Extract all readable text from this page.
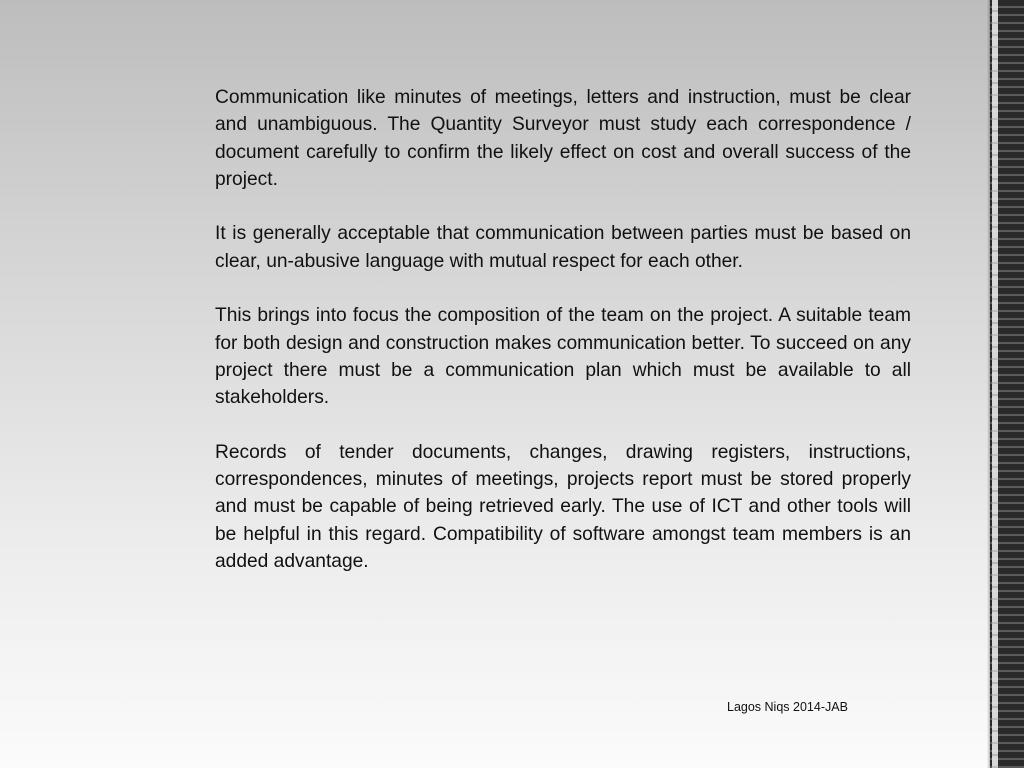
Communication like minutes of meetings, letters and instruction, must be clear and unambiguous. The Quantity Surveyor must study each correspondence / document carefully to confirm the likely effect on cost and overall success of the project.

It is generally acceptable that communication between parties must be based on clear, un-abusive language with mutual respect for each other.

This brings into focus the composition of the team on the project. A suitable team for both design and construction makes communication better. To succeed on any project there must be a communication plan which must be available to all stakeholders.

Records of tender documents, changes, drawing registers, instructions, correspondences, minutes of meetings, projects report must be stored properly and must be capable of being retrieved early. The use of ICT and other tools will be helpful in this regard. Compatibility of software amongst team members is an added advantage.

Lagos Niqs 2014-JAB
